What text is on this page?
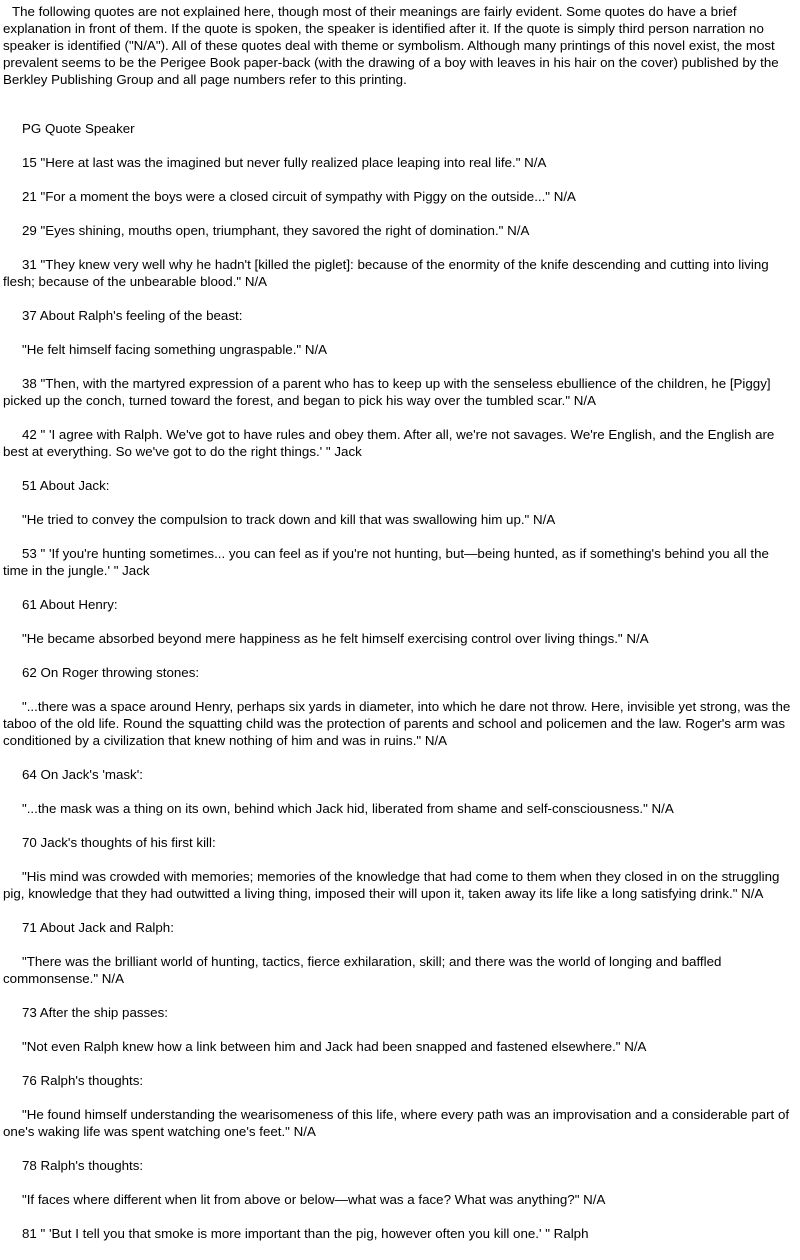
The following quotes are not explained here, though most of their meanings are fairly evident. Some quotes do have a brief explanation in front of them. If the quote is spoken, the speaker is identified after it. If the quote is simply third person narration no speaker is identified ("N/A"). All of these quotes deal with theme or symbolism. Although many printings of this novel exist, the most prevalent seems to be the Perigee Book paper-back (with the drawing of a boy with leaves in his hair on the cover) published by the Berkley Publishing Group and all page numbers refer to this printing.

PG Quote Speaker

15 "Here at last was the imagined but never fully realized place leaping into real life." N/A

21 "For a moment the boys were a closed circuit of sympathy with Piggy on the outside..." N/A

29 "Eyes shining, mouths open, triumphant, they savored the right of domination." N/A

31 "They knew very well why he hadn't [killed the piglet]: because of the enormity of the knife descending and cutting into living flesh; because of the unbearable blood." N/A

37 About Ralph's feeling of the beast:

"He felt himself facing something ungraspable." N/A

38 "Then, with the martyred expression of a parent who has to keep up with the senseless ebullience of the children, he [Piggy] picked up the conch, turned toward the forest, and began to pick his way over the tumbled scar." N/A

42 " 'I agree with Ralph. We've got to have rules and obey them. After all, we're not savages. We're English, and the English are best at everything. So we've got to do the right things.' " Jack

51 About Jack:

"He tried to convey the compulsion to track down and kill that was swallowing him up." N/A

53 " 'If you're hunting sometimes... you can feel as if you're not hunting, but—being hunted, as if something's behind you all the time in the jungle.' " Jack

61 About Henry:

"He became absorbed beyond mere happiness as he felt himself exercising control over living things." N/A

62 On Roger throwing stones:

"...there was a space around Henry, perhaps six yards in diameter, into which he dare not throw. Here, invisible yet strong, was the taboo of the old life. Round the squatting child was the protection of parents and school and policemen and the law. Roger's arm was conditioned by a civilization that knew nothing of him and was in ruins." N/A

64 On Jack's 'mask':

"...the mask was a thing on its own, behind which Jack hid, liberated from shame and self-consciousness." N/A

70 Jack's thoughts of his first kill:

"His mind was crowded with memories; memories of the knowledge that had come to them when they closed in on the struggling pig, knowledge that they had outwitted a living thing, imposed their will upon it, taken away its life like a long satisfying drink." N/A

71 About Jack and Ralph:

"There was the brilliant world of hunting, tactics, fierce exhilaration, skill; and there was the world of longing and baffled commonsense." N/A

73 After the ship passes:

"Not even Ralph knew how a link between him and Jack had been snapped and fastened elsewhere." N/A

76 Ralph's thoughts:

"He found himself understanding the wearisomeness of this life, where every path was an improvisation and a considerable part of one's waking life was spent watching one's feet." N/A

78 Ralph's thoughts:

"If faces where different when lit from above or below—what was a face? What was anything?" N/A

81 " 'But I tell you that smoke is more important than the pig, however often you kill one.' " Ralph
